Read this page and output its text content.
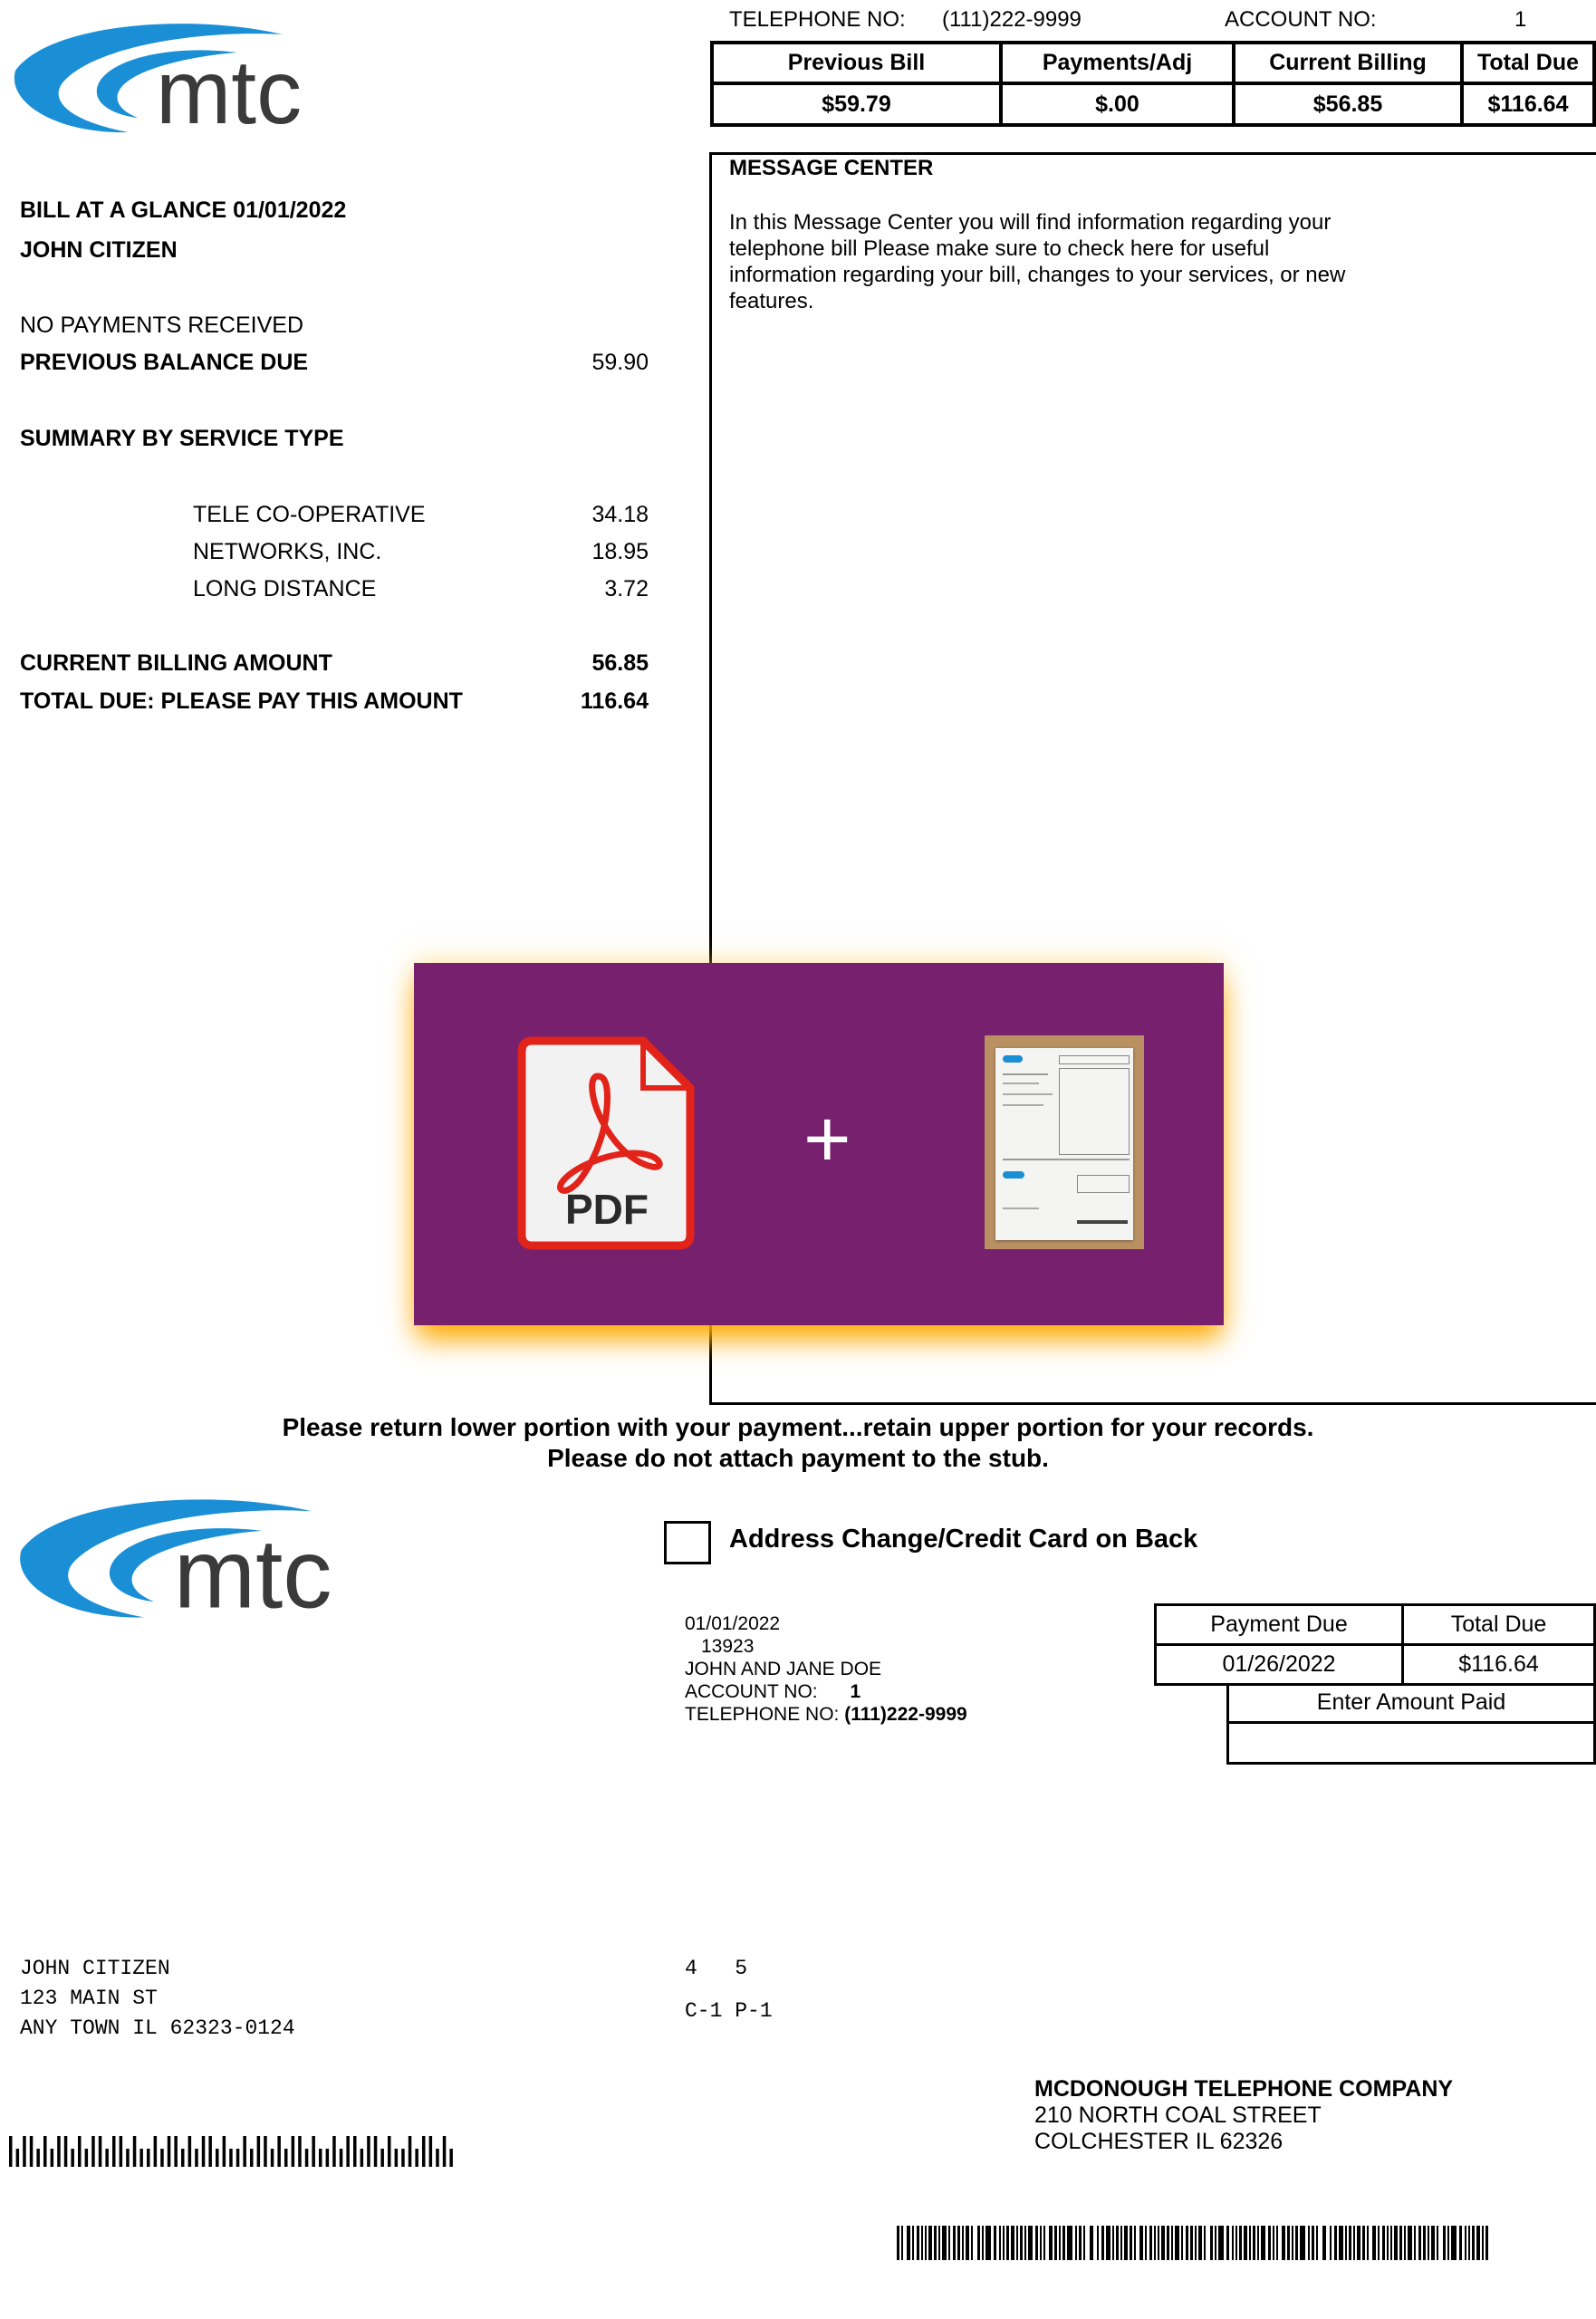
mtc
TELEPHONE NO: (111)222-9999	ACCOUNT NO:	1
Previous Bill	Payments/Adj	Current Billing	Total Due
$59.79	$.00	$56.85	$116.64
BILL AT A GLANCE 01/01/2022
JOHN CITIZEN
NO PAYMENTS RECEIVED
PREVIOUS BALANCE DUE	59.90
SUMMARY BY SERVICE TYPE
TELE CO-OPERATIVE	34.18
NETWORKS, INC.	18.95
LONG DISTANCE	3.72
CURRENT BILLING AMOUNT	56.85
TOTAL DUE: PLEASE PAY THIS AMOUNT	116.64
MESSAGE CENTER
In this Message Center you will find information regarding your
telephone bill Please make sure to check here for useful
information regarding your bill, changes to your services, or new
features.
PDF
+
Please return lower portion with your payment...retain upper portion for your records.
Please do not attach payment to the stub.
mtc	Address Change/Credit Card on Back
01/01/2022
13923
JOHN AND JANE DOE
ACCOUNT NO: 1
TELEPHONE NO: (111)222-9999
Payment Due	Total Due
01/26/2022	$116.64
Enter Amount Paid
JOHN CITIZEN
123 MAIN ST
ANY TOWN IL 62323-0124
4   5
C-1 P-1
MCDONOUGH TELEPHONE COMPANY
210 NORTH COAL STREET
COLCHESTER IL 62326
